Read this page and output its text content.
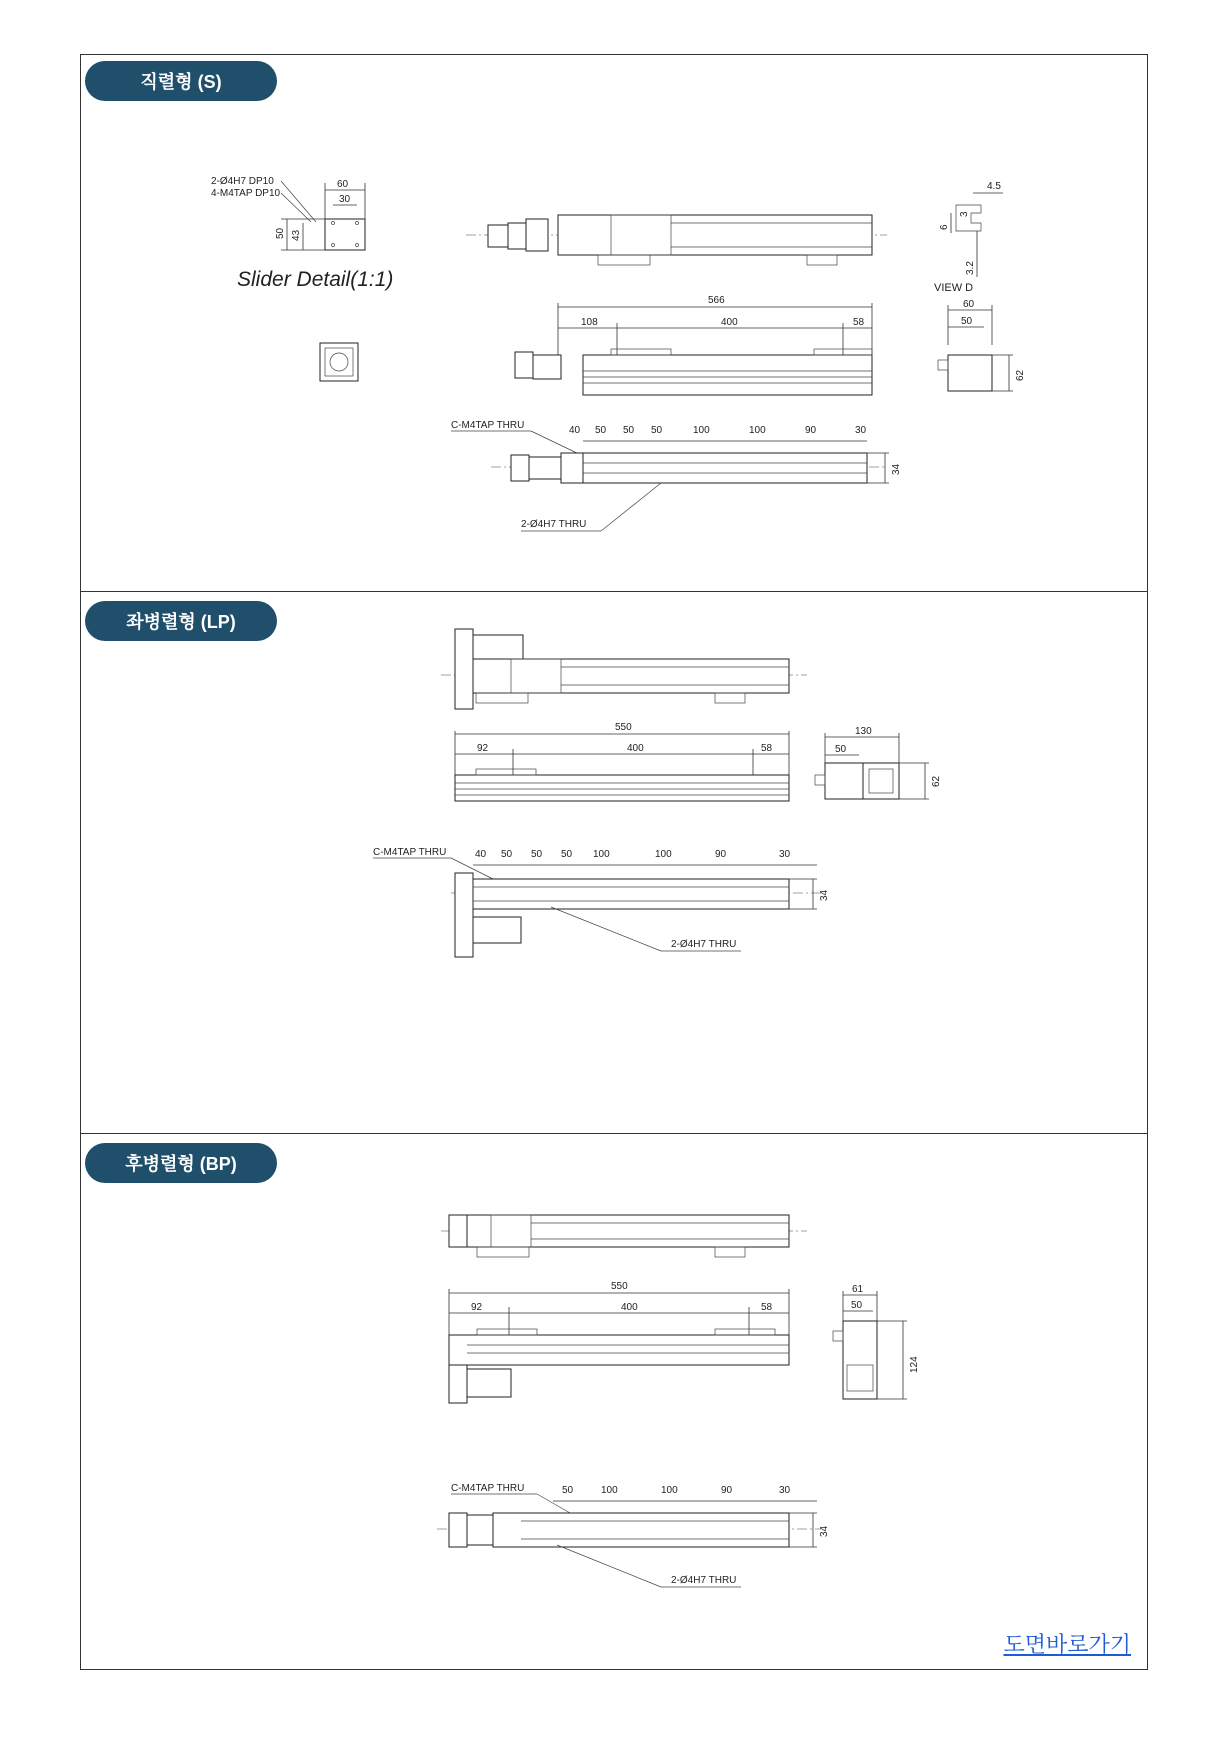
직렬형 (S)
좌병렬형 (LP)
후병렬형 (BP)
2-Ø4H7 DP10
4-M4TAP DP10
60
30
50 43
Slider Detail(1:1)
4.5
3
6
3.2
VIEW D
566
108	400	58
60
50
62
C-M4TAP THRU	40 50 50 50	100	100	90	30
34
2-Ø4H7 THRU
550
92	400	58
130
50
62
C-M4TAP THRU	40 50 50 50 100	100	90	30
34
2-Ø4H7 THRU
550
92	400	58
61
50
124
C-M4TAP THRU	50	100	100	90	30
34
2-Ø4H7 THRU
도면바로가기
